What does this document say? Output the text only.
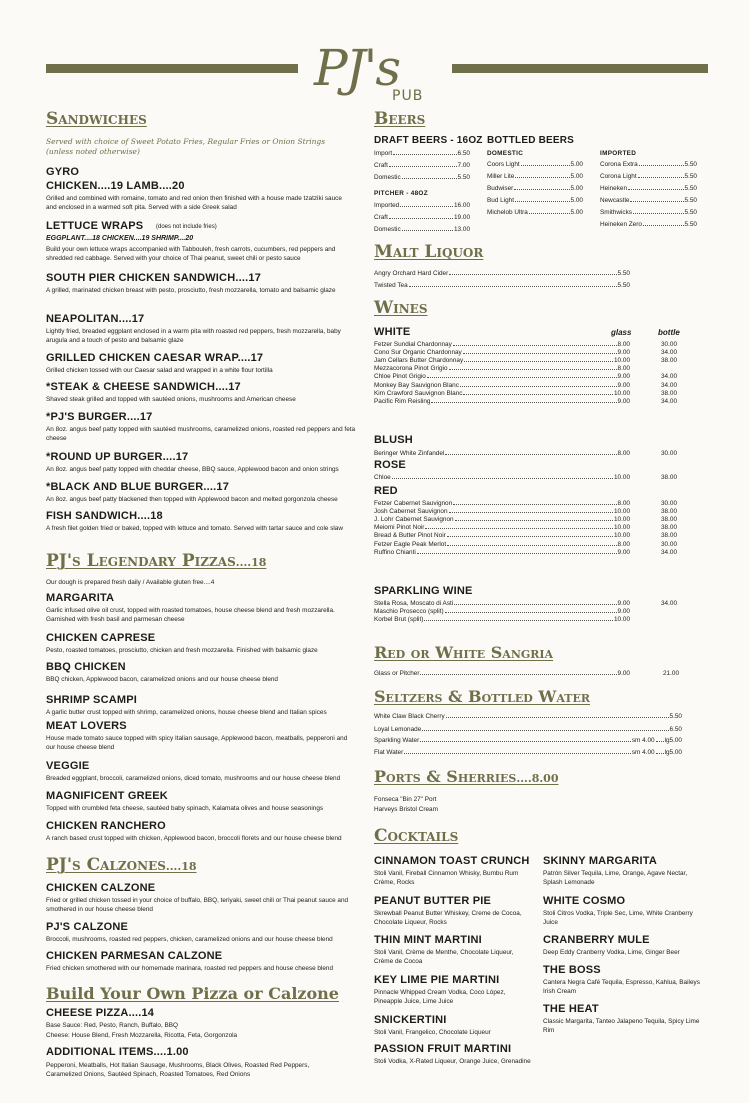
PJ's
PUB
Sandwiches
Served with choice of Sweet Potato Fries, Regular Fries or Onion Strings (unless noted otherwise)
GYRO
CHICKEN....19 LAMB....20
Grilled and combined with romaine, tomato and red onion then finished with a house made tzatziki sauce and enclosed in a warmed soft pita. Served with a side Greek salad
LETTUCE WRAPS (does not include fries)
EGGPLANT....18 CHICKEN....19 SHRIMP....20
Build your own lettuce wraps accompanied with Tabbouleh, fresh carrots, cucumbers, red peppers and shredded red cabbage. Served with your choice of Thai peanut, sweet chili or pesto sauce
SOUTH PIER CHICKEN SANDWICH....17
A grilled, marinated chicken breast with pesto, prosciutto, fresh mozzarella, tomato and balsamic glaze
NEAPOLITAN....17
Lightly fried, breaded eggplant enclosed in a warm pita with roasted red peppers, fresh mozzarella, baby arugula and a touch of pesto and balsamic glaze
GRILLED CHICKEN CAESAR WRAP....17
Grilled chicken tossed with our Caesar salad and wrapped in a white flour tortilla
*STEAK & CHEESE SANDWICH....17
Shaved steak grilled and topped with sautéed onions, mushrooms and American cheese
*PJ'S BURGER....17
An 8oz. angus beef patty topped with sautéed mushrooms, caramelized onions, roasted red peppers and feta cheese
*ROUND UP BURGER....17
An 8oz. angus beef patty topped with cheddar cheese, BBQ sauce, Applewood bacon and onion strings
*BLACK AND BLUE BURGER....17
An 8oz. angus beef patty blackened then topped with Applewood bacon and melted gorgonzola cheese
FISH SANDWICH....18
A fresh filet golden fried or baked, topped with lettuce and tomato. Served with tartar sauce and cole slaw
PJ's Legendary Pizzas....18
Our dough is prepared fresh daily / Available gluten free....4
MARGARITA
Garlic infused olive oil crust, topped with roasted tomatoes, house cheese blend and fresh mozzarella. Garnished with fresh basil and parmesan cheese
CHICKEN CAPRESE
Pesto, roasted tomatoes, prosciutto, chicken and fresh mozzarella. Finished with balsamic glaze
BBQ CHICKEN
BBQ chicken, Applewood bacon, caramelized onions and our house cheese blend
SHRIMP SCAMPI
A garlic butter crust topped with shrimp, caramelized onions, house cheese blend and Italian spices
MEAT LOVERS
House made tomato sauce topped with spicy Italian sausage, Applewood bacon, meatballs, pepperoni and our house cheese blend
VEGGIE
Breaded eggplant, broccoli, caramelized onions, diced tomato, mushrooms and our house cheese blend
MAGNIFICENT GREEK
Topped with crumbled feta cheese, sautéed baby spinach, Kalamata olives and house seasonings
CHICKEN RANCHERO
A ranch based crust topped with chicken, Applewood bacon, broccoli florets and our house cheese blend
PJ's Calzones....18
CHICKEN CALZONE
Fried or grilled chicken tossed in your choice of buffalo, BBQ, teriyaki, sweet chili or Thai peanut sauce and smothered in our house cheese blend
PJ'S CALZONE
Broccoli, mushrooms, roasted red peppers, chicken, caramelized onions and our house cheese blend
CHICKEN PARMESAN CALZONE
Fried chicken smothered with our homemade marinara, roasted red peppers and house cheese blend
Build Your Own Pizza or Calzone
CHEESE PIZZA....14
Base Sauce: Red, Pesto, Ranch, Buffalo, BBQ
Cheese: House Blend, Fresh Mozzarella, Ricotta, Feta, Gorgonzola
ADDITIONAL ITEMS....1.00
Pepperoni, Meatballs, Hot Italian Sausage, Mushrooms, Black Olives, Roasted Red Peppers, Caramelized Onions, Sautéed Spinach, Roasted Tomatoes, Red Onions
Beers
DRAFT BEERS - 16OZ
Import	6.50
Craft	7.00
Domestic	5.50
PITCHER - 48OZ
Imported	16.00
Craft	19.00
Domestic	13.00
BOTTLED BEERS
DOMESTIC
Coors Light	5.00
Miller Lite	5.00
Budwiser	5.00
Bud Light	5.00
Michelob Ultra	5.00
IMPORTED
Corona Extra	5.50
Corona Light	5.50
Heineken	5.50
Newcastle	5.50
Smithwicks	5.50
Heineken Zero	5.50
Malt Liquor
Angry Orchard Hard Cider	5.50
Twisted Tea	5.50
Wines
glass	bottle
WHITE
Fetzer Sundial Chardonnay	8.00	30.00
Cono Sur Organic Chardonnay	9.00	34.00
Jam Cellars Butter Chardonnay	10.00	38.00
Mezzacorona Pinot Grigio	8.00
Chloe Pinot Grigio	9.00	34.00
Monkey Bay Sauvignon Blanc	9.00	34.00
Kim Crawford Sauvignon Blanc	10.00	38.00
Pacific Rim Reisling	9.00	34.00
BLUSH
Beringer White Zinfandel	8.00	30.00
ROSE
Chloe	10.00	38.00
RED
Fetzer Cabernet Sauvignon	8.00	30.00
Josh Cabernet Sauvignon	10.00	38.00
J. Lohr Cabernet Sauvignon	10.00	38.00
Meiomi Pinot Noir	10.00	38.00
Bread & Butter Pinot Noir	10.00	38.00
Fetzer Eagle Peak Merlot	8.00	30.00
Ruffino Chianti	9.00	34.00
SPARKLING WINE
Stella Rosa, Moscato di Asti	9.00	34.00
Maschio Prosecco (split)	9.00
Korbel Brut (split)	10.00
Red or White Sangria
Glass or Pitcher	9.00	21.00
Seltzers & Bottled Water
White Claw Black Cherry	5.50
Loyal Lemonade	6.50
Sparkling Water	sm 4.00 lg5.00
Flat Water	sm 4.00 lg5.00
Ports & Sherries....8.00
Fonseca "Bin 27" Port
Harveys Bristol Cream
Cocktails
CINNAMON TOAST CRUNCH
Stoli Vanil, Fireball Cinnamon Whisky, Bumbu Rum Crème, Rocks
PEANUT BUTTER PIE
Skrewball Peanut Butter Whiskey, Creme de Cocoa, Chocolate Liqueur, Rocks
THIN MINT MARTINI
Stoli Vanil, Crème de Menthe, Chocolate Liqueur, Crème de Cocoa
KEY LIME PIE MARTINI
Pinnacle Whipped Cream Vodka, Coco López, Pineapple Juice, Lime Juice
SNICKERTINI
Stoli Vanil, Frangelico, Chocolate Liqueur
PASSION FRUIT MARTINI
Stoli Vodka, X-Rated Liqueur, Orange Juice, Grenadine
SKINNY MARGARITA
Patrón Silver Tequila, Lime, Orange, Agave Nectar, Splash Lemonade
WHITE COSMO
Stoli Citros Vodka, Triple Sec, Lime, White Cranberry Juice
CRANBERRY MULE
Deep Eddy Cranberry Vodka, Lime, Ginger Beer
THE BOSS
Cantera Negra Café Tequila, Espresso, Kahlua, Baileys Irish Cream
THE HEAT
Classic Margarita, Tanteo Jalapeno Tequila, Spicy Lime Rim
